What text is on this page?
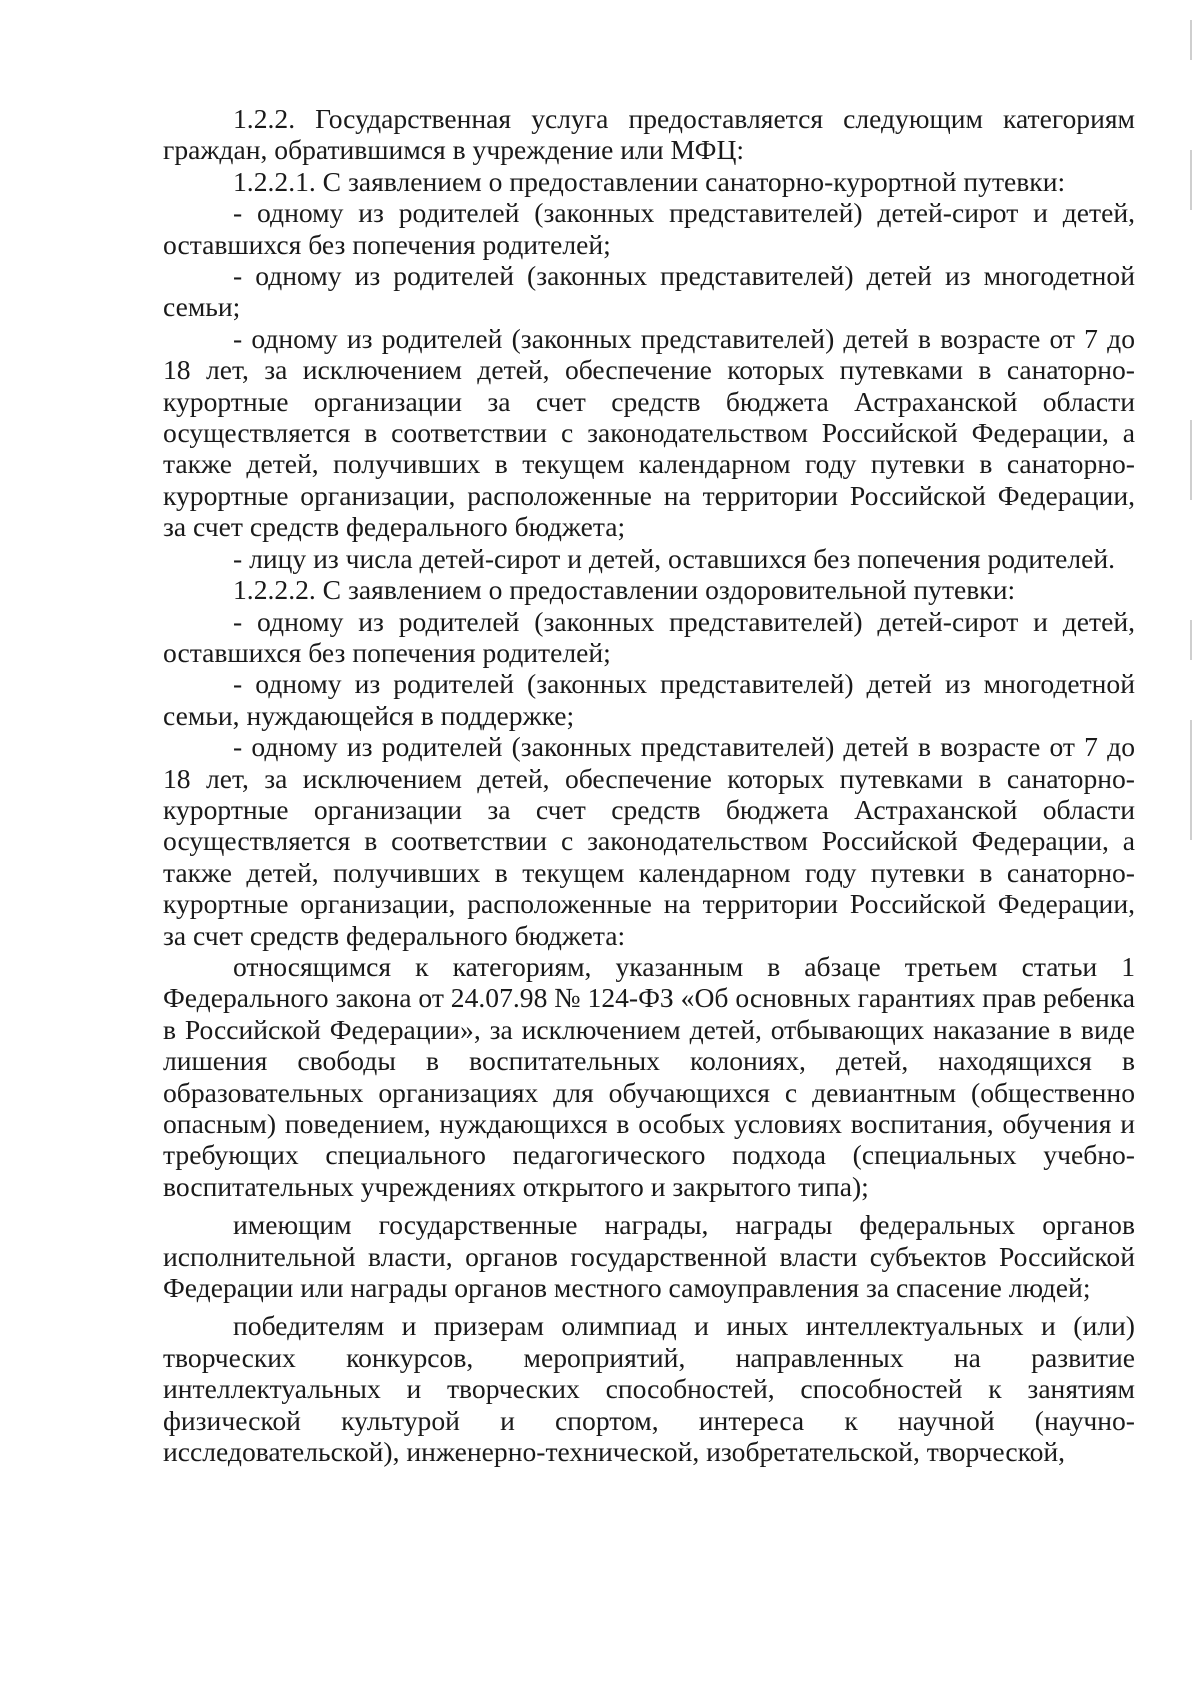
1.2.2. Государственная услуга предоставляется следующим категориям граждан, обратившимся в учреждение или МФЦ:

1.2.2.1. С заявлением о предоставлении санаторно-курортной путевки:

- одному из родителей (законных представителей) детей-сирот и детей, оставшихся без попечения родителей;

- одному из родителей (законных представителей) детей из многодетной семьи;

- одному из родителей (законных представителей) детей в возрасте от 7 до 18 лет, за исключением детей, обеспечение которых путевками в санаторно-курортные организации за счет средств бюджета Астраханской области осуществляется в соответствии с законодательством Российской Федерации, а также детей, получивших в текущем календарном году путевки в санаторно-курортные организации, расположенные на территории Российской Федерации, за счет средств федерального бюджета;

- лицу из числа детей-сирот и детей, оставшихся без попечения родителей.

1.2.2.2. С заявлением о предоставлении оздоровительной путевки:

- одному из родителей (законных представителей) детей-сирот и детей, оставшихся без попечения родителей;

- одному из родителей (законных представителей) детей из многодетной семьи, нуждающейся в поддержке;

- одному из родителей (законных представителей) детей в возрасте от 7 до 18 лет, за исключением детей, обеспечение которых путевками в санаторно-курортные организации за счет средств бюджета Астраханской области осуществляется в соответствии с законодательством Российской Федерации, а также детей, получивших в текущем календарном году путевки в санаторно-курортные организации, расположенные на территории Российской Федерации, за счет средств федерального бюджета:

относящимся к категориям, указанным в абзаце третьем статьи 1 Федерального закона от 24.07.98 № 124-ФЗ «Об основных гарантиях прав ребенка в Российской Федерации», за исключением детей, отбывающих наказание в виде лишения свободы в воспитательных колониях, детей, находящихся в образовательных организациях для обучающихся с девиантным (общественно опасным) поведением, нуждающихся в особых условиях воспитания, обучения и требующих специального педагогического подхода (специальных учебно-воспитательных учреждениях открытого и закрытого типа);

имеющим государственные награды, награды федеральных органов исполнительной власти, органов государственной власти субъектов Российской Федерации или награды органов местного самоуправления за спасение людей;

победителям и призерам олимпиад и иных интеллектуальных и (или) творческих конкурсов, мероприятий, направленных на развитие интеллектуальных и творческих способностей, способностей к занятиям физической культурой и спортом, интереса к научной (научно-исследовательской), инженерно-технической, изобретательской, творческой,
